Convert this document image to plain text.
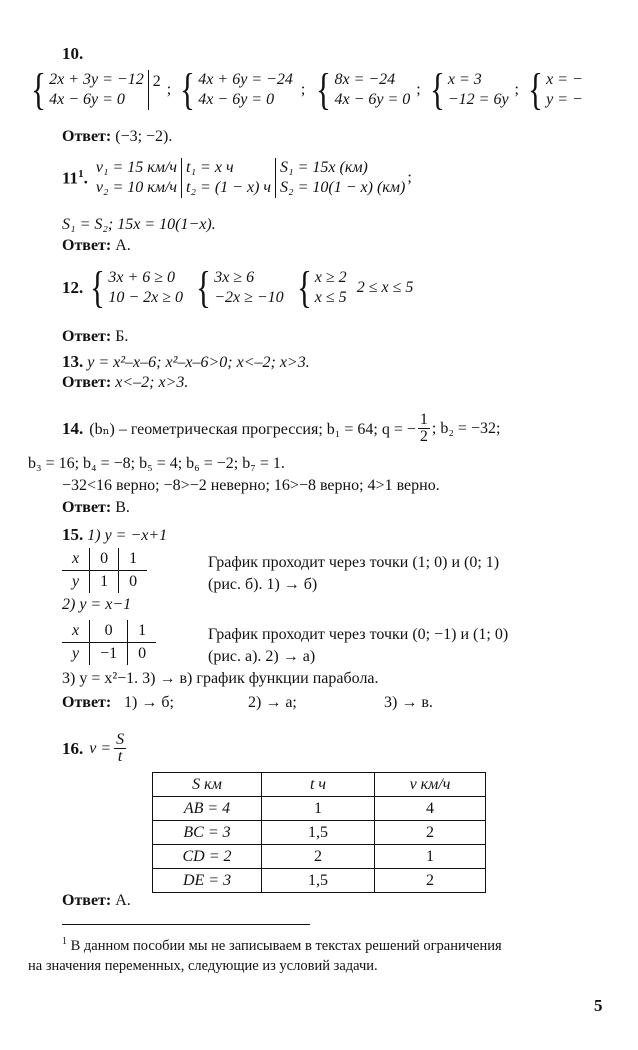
10.
{ 2x + 3y = −12
4x − 6y = 0
2 ; { 4x + 6y = −24
4x − 6y = 0
; { 8x = −24
4x − 6y = 0
; { x = 3
−12 = 6y
; { x = −
y = −
Ответ: (−3; −2).
$11^1$.
v₁ = 15 км/ч
v₂ = 10 км/ч
t₁ = x ч
t₂ = (1 − x) ч
S₁ = 15x (км)
S₂ = 10(1 − x) (км)
;
S₁ = S₂; 15x = 10(1−x).
Ответ: А.
12. { 3x + 6 ≥ 0
10 − 2x ≥ 0 { 3x ≥ 6
−2x ≥ −10 { x ≥ 2
x ≤ 5
2 ≤ x ≤ 5
Ответ: Б.
13. y = x²–x–6; x²–x–6>0; x<–2; x>3.
Ответ: x<–2; x>3.
14. (bₙ) – геометрическая прогрессия; b₁ = 64; q = − $\frac{1}{2}$ ; b₂ = −32;
b₃ = 16; b₄ = −8; b₅ = 4; b₆ = −2; b₇ = 1.
−32<16 верно; −8>−2 неверно; 16>−8 верно; 4>1 верно.
Ответ: В.
15. 1) y = −x+1
x	0	1
y	1	0
График проходит через точки (1; 0) и (0; 1)
(рис. б). 1) → б)
2) y = x−1
x	0	1
y	−1	0
График проходит через точки (0; −1) и (1; 0)
(рис. а). 2) → а)
3) y = x²−1. 3) → в) график функции парабола.
Ответ: 1) → б;	2) → а;	3) → в.
16. $v = \frac{S}{t}$
S км	t ч	v км/ч
AB = 4	1	4
BC = 3	1,5	2
CD = 2	2	1
DE = 3	1,5	2
Ответ: А.
$^1$ В данном пособии мы не записываем в текстах решений ограничения
на значения переменных, следующие из условий задачи.
5
